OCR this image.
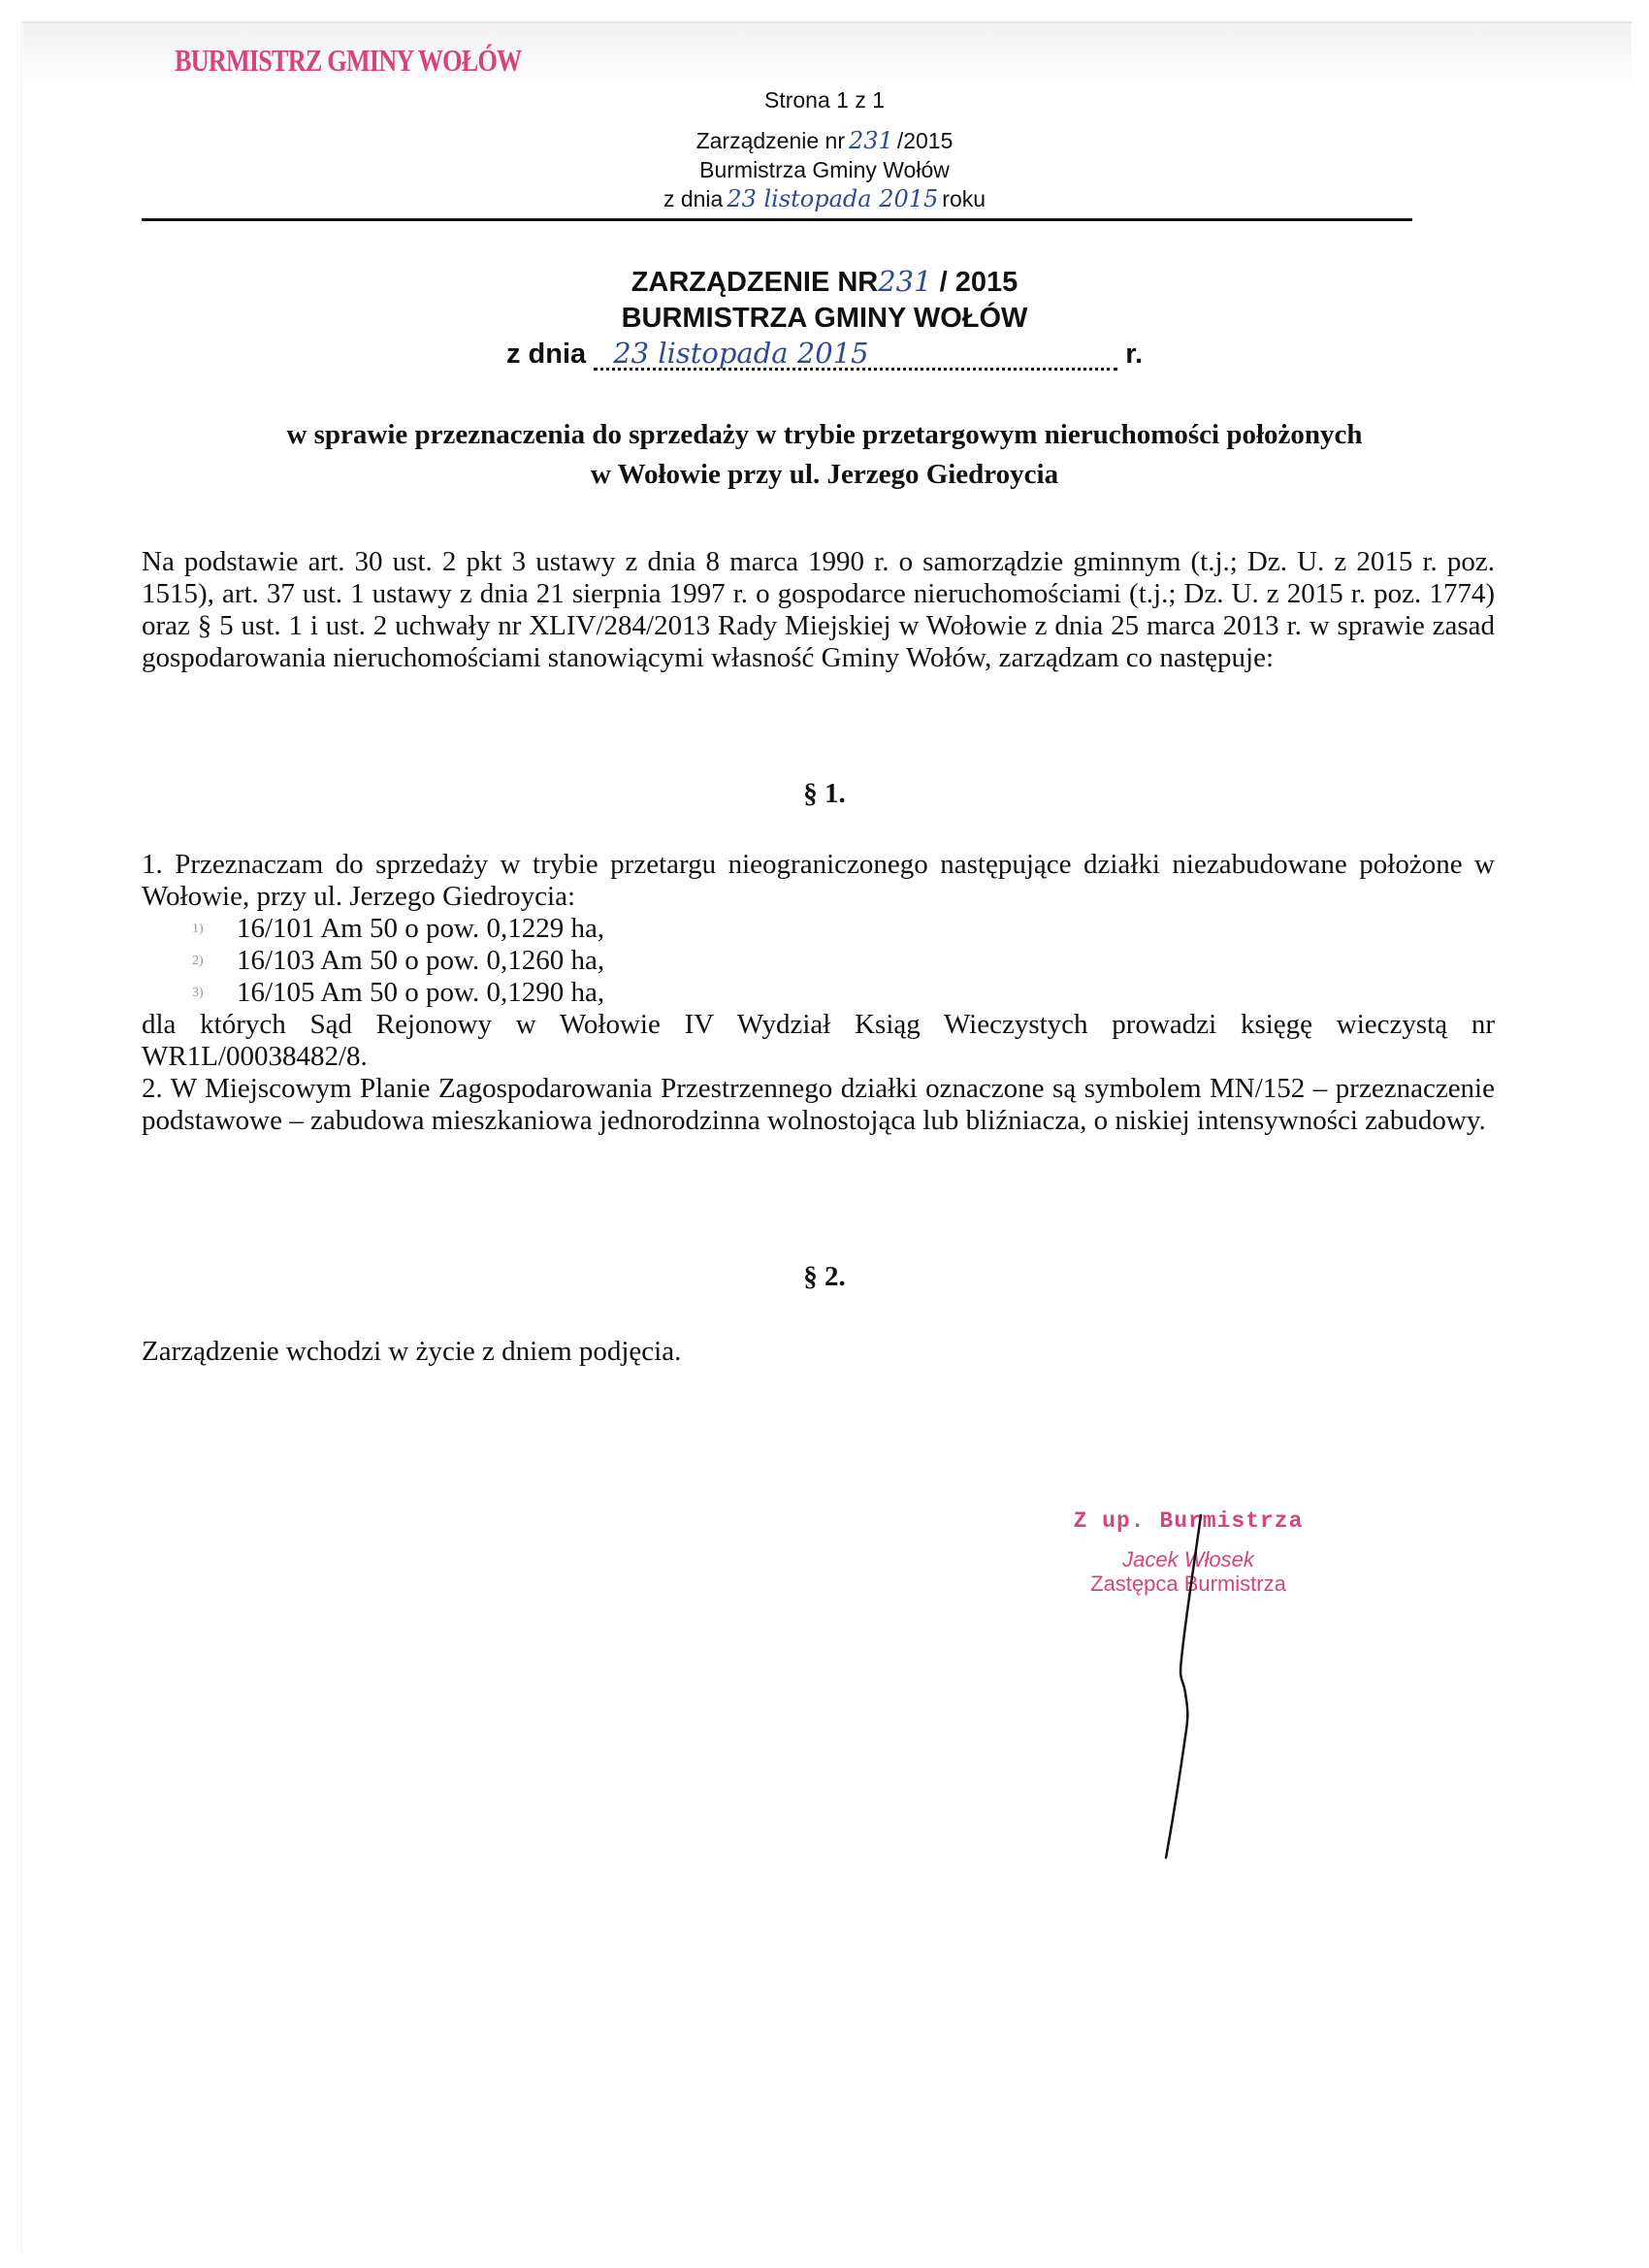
BURMISTRZ GMINY WOŁÓW
Strona 1 z 1
Zarządzenie nr 231 /2015
Burmistrza Gminy Wołów
z dnia 23 listopada 2015 roku
ZARZĄDZENIE NR231 / 2015
BURMISTRZA GMINY WOŁÓW
z dnia 23 listopada 2015	r.
w sprawie przeznaczenia do sprzedaży w trybie przetargowym nieruchomości położonych
w Wołowie przy ul. Jerzego Giedroycia
Na podstawie art. 30 ust. 2 pkt 3 ustawy z dnia 8 marca 1990 r. o samorządzie gminnym (t.j.; Dz. U. z 2015 r. poz. 1515), art. 37 ust. 1 ustawy z dnia 21 sierpnia 1997 r. o gospodarce nieruchomościami (t.j.; Dz. U. z 2015 r. poz. 1774) oraz § 5 ust. 1 i ust. 2 uchwały nr XLIV/284/2013 Rady Miejskiej w Wołowie z dnia 25 marca 2013 r. w sprawie zasad gospodarowania nieruchomościami stanowiącymi własność Gminy Wołów, zarządzam co następuje:
§ 1.
1. Przeznaczam do sprzedaży w trybie przetargu nieograniczonego następujące działki niezabudowane położone w Wołowie, przy ul. Jerzego Giedroycia:
1) 16/101 Am 50 o pow. 0,1229 ha,
2) 16/103 Am 50 o pow. 0,1260 ha,
3) 16/105 Am 50 o pow. 0,1290 ha,
dla których Sąd Rejonowy w Wołowie IV Wydział Ksiąg Wieczystych prowadzi księgę wieczystą nr WR1L/00038482/8.
2. W Miejscowym Planie Zagospodarowania Przestrzennego działki oznaczone są symbolem MN/152 – przeznaczenie podstawowe – zabudowa mieszkaniowa jednorodzinna wolnostojąca lub bliźniacza, o niskiej intensywności zabudowy.
§ 2.
Zarządzenie wchodzi w życie z dniem podjęcia.
Z up. Burmistrza
Jacek Włosek
Zastępca Burmistrza
